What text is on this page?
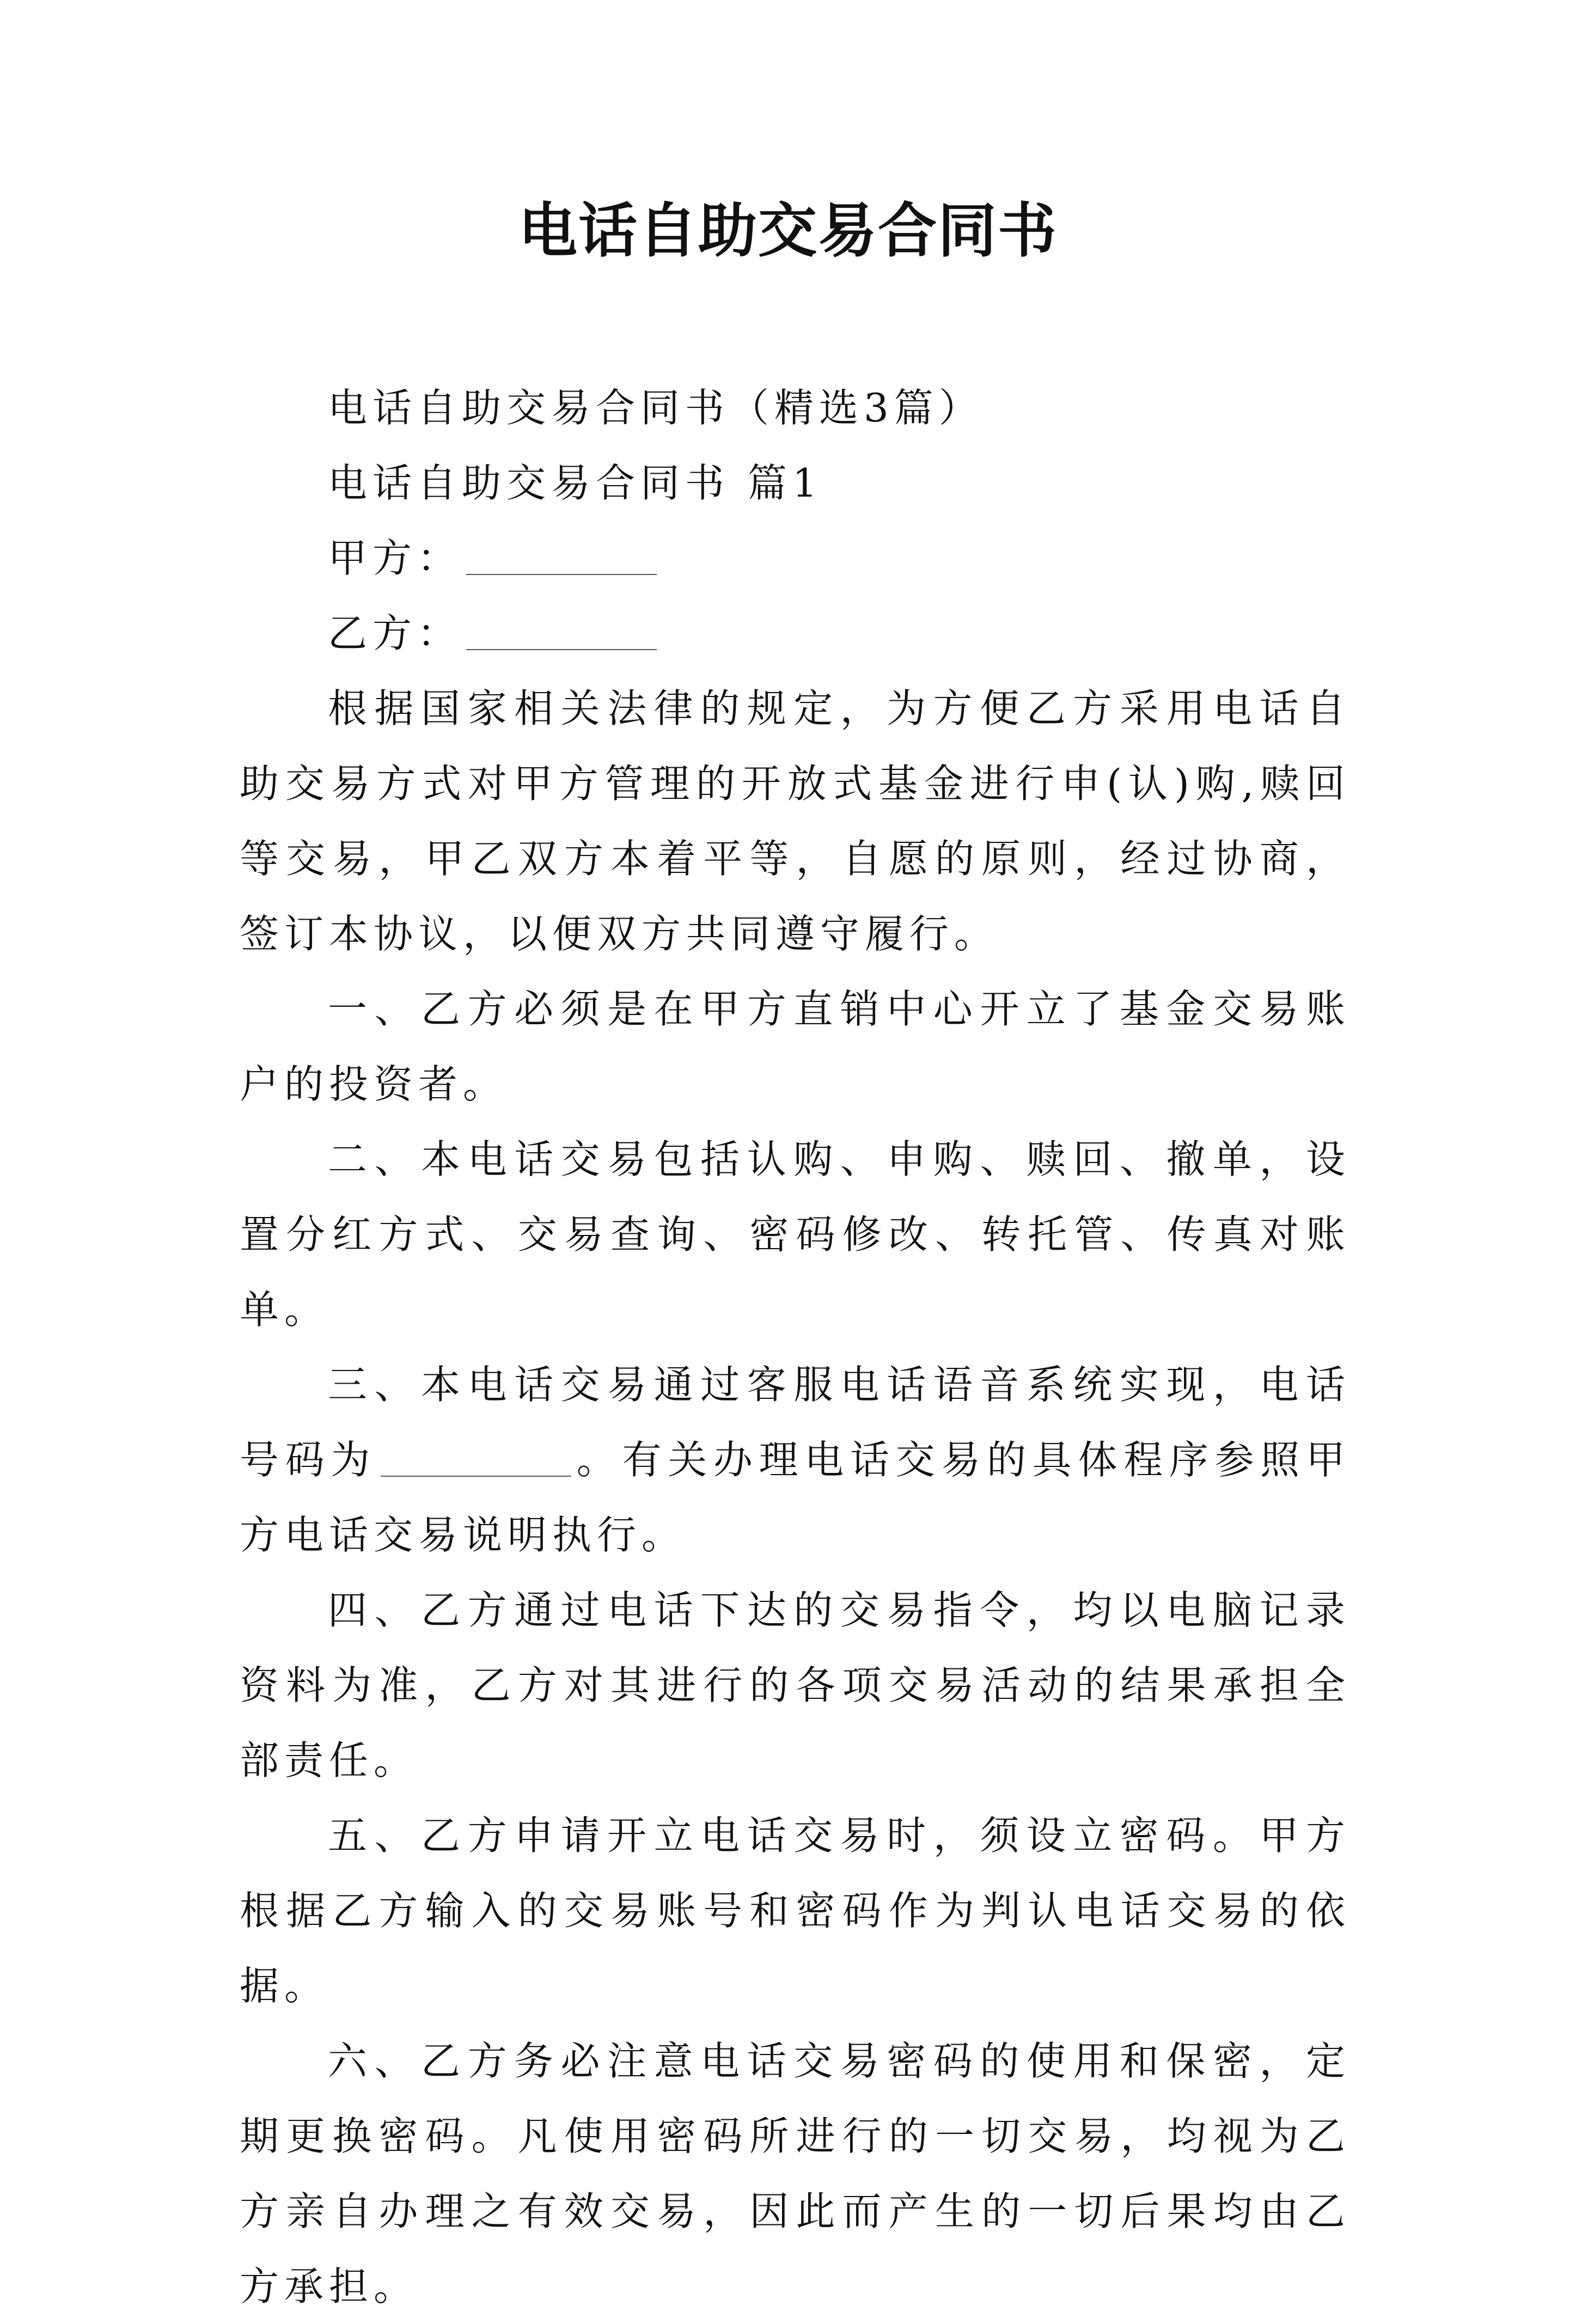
电话自助交易合同书

电话自助交易合同书（精选3篇）

电话自助交易合同书 篇1

甲方：

乙方：

根据国家相关法律的规定，为方便乙方采用电话自助交易方式对甲方管理的开放式基金进行申(认)购,赎回等交易，甲乙双方本着平等，自愿的原则，经过协商，签订本协议，以便双方共同遵守履行。

一、乙方必须是在甲方直销中心开立了基金交易账户的投资者。

二、本电话交易包括认购、申购、赎回、撤单，设置分红方式、交易查询、密码修改、转托管、传真对账单。

三、本电话交易通过客服电话语音系统实现，电话号码为	。有关办理电话交易的具体程序参照甲方电话交易说明执行。

四、乙方通过电话下达的交易指令，均以电脑记录资料为准，乙方对其进行的各项交易活动的结果承担全部责任。

五、乙方申请开立电话交易时，须设立密码。甲方根据乙方输入的交易账号和密码作为判认电话交易的依据。

六、乙方务必注意电话交易密码的使用和保密，定期更换密码。凡使用密码所进行的一切交易，均视为乙方亲自办理之有效交易，因此而产生的一切后果均由乙方承担。
